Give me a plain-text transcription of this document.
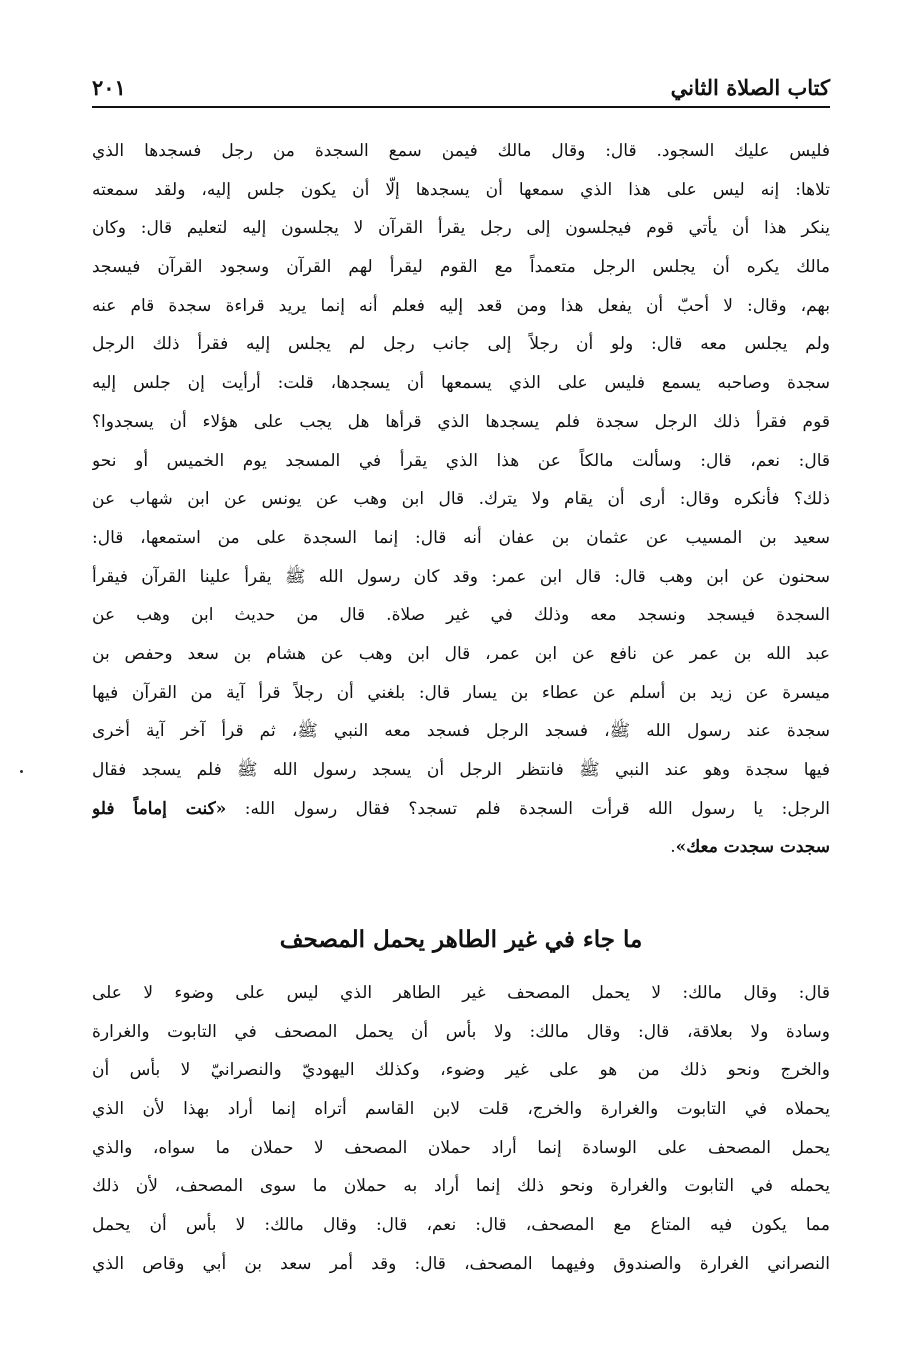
كتاب الصلاة الثاني
٢٠١
فليس عليك السجود. قال: وقال مالك فيمن سمع السجدة من رجل فسجدها الذي
تلاها: إنه ليس على هذا الذي سمعها أن يسجدها إلّا أن يكون جلس إليه، ولقد سمعته
ينكر هذا أن يأتي قوم فيجلسون إلى رجل يقرأ القرآن لا يجلسون إليه لتعليم قال: وكان
مالك يكره أن يجلس الرجل متعمداً مع القوم ليقرأ لهم القرآن وسجود القرآن فيسجد
بهم، وقال: لا أحبّ أن يفعل هذا ومن قعد إليه فعلم أنه إنما يريد قراءة سجدة قام عنه
ولم يجلس معه قال: ولو أن رجلاً إلى جانب رجل لم يجلس إليه فقرأ ذلك الرجل
سجدة وصاحبه يسمع فليس على الذي يسمعها أن يسجدها، قلت: أرأيت إن جلس إليه
قوم فقرأ ذلك الرجل سجدة فلم يسجدها الذي قرأها هل يجب على هؤلاء أن يسجدوا؟
قال: نعم، قال: وسألت مالكاً عن هذا الذي يقرأ في المسجد يوم الخميس أو نحو
ذلك؟ فأنكره وقال: أرى أن يقام ولا يترك. قال ابن وهب عن يونس عن ابن شهاب عن
سعيد بن المسيب عن عثمان بن عفان أنه قال: إنما السجدة على من استمعها، قال:
سحنون عن ابن وهب قال: قال ابن عمر: وقد كان رسول الله ﷺ يقرأ علينا القرآن فيقرأ
السجدة فيسجد ونسجد معه وذلك في غير صلاة. قال من حديث ابن وهب عن
عبد الله بن عمر عن نافع عن ابن عمر، قال ابن وهب عن هشام بن سعد وحفص بن
ميسرة عن زيد بن أسلم عن عطاء بن يسار قال: بلغني أن رجلاً قرأ آية من القرآن فيها
سجدة عند رسول الله ﷺ، فسجد الرجل فسجد معه النبي ﷺ، ثم قرأ آخر آية أخرى
فيها سجدة وهو عند النبي ﷺ فانتظر الرجل أن يسجد رسول الله ﷺ فلم يسجد فقال
الرجل: يا رسول الله قرأت السجدة فلم تسجد؟ فقال رسول الله: «كنت إماماً فلو
سجدت سجدت معك».
ما جاء في غير الطاهر يحمل المصحف
قال: وقال مالك: لا يحمل المصحف غير الطاهر الذي ليس على وضوء لا على
وسادة ولا بعلاقة، قال: وقال مالك: ولا بأس أن يحمل المصحف في التابوت والغرارة
والخرج ونحو ذلك من هو على غير وضوء، وكذلك اليهوديّ والنصرانيّ لا بأس أن
يحملاه في التابوت والغرارة والخرج، قلت لابن القاسم أتراه إنما أراد بهذا لأن الذي
يحمل المصحف على الوسادة إنما أراد حملان المصحف لا حملان ما سواه، والذي
يحمله في التابوت والغرارة ونحو ذلك إنما أراد به حملان ما سوى المصحف، لأن ذلك
مما يكون فيه المتاع مع المصحف، قال: نعم، قال: وقال مالك: لا بأس أن يحمل
النصراني الغرارة والصندوق وفيهما المصحف، قال: وقد أمر سعد بن أبي وقاص الذي
